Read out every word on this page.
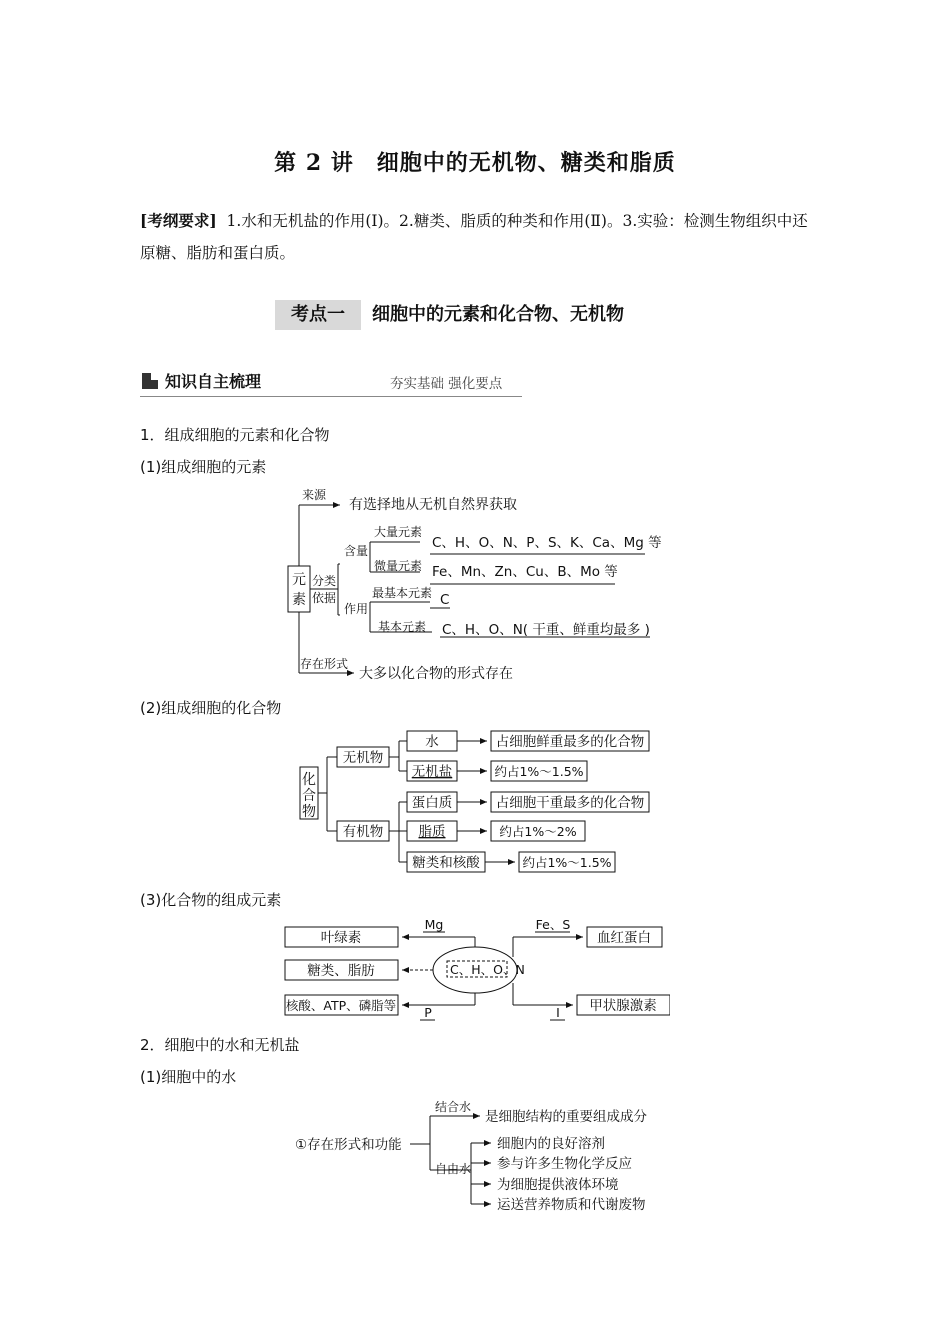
第 2 讲　细胞中的无机物、糖类和脂质
[考纲要求] 1.水和无机盐的作用(Ⅰ)。2.糖类、脂质的种类和作用(Ⅱ)。3.实验：检测生物组织中还原糖、脂肪和蛋白质。
考点一	细胞中的元素和化合物、无机物
知识自主梳理	夯实基础 强化要点
1．组成细胞的元素和化合物
(1)组成细胞的元素
元
素
来源
有选择地从无机自然界获取
分类
依据
含量
大量元素
C、H、O、N、P、S、K、Ca、Mg 等
微量元素 Fe、Mn、Zn、Cu、B、Mo 等
作用
最基本元素 C
基本元素 C、H、O、N( 干重、鲜重均最多 )
存在形式
大多以化合物的形式存在
(2)组成细胞的化合物
化
合
物
无机物
有机物
水
无机盐
蛋白质
脂质
糖类和核酸
占细胞鲜重最多的化合物
约占1%～1.5%
占细胞干重最多的化合物
约占1%～2%
约占1%～1.5%
(3)化合物的组成元素
叶绿素
糖类、脂肪
核酸、ATP、磷脂等
血红蛋白
甲状腺激素
Mg	Fe、S
P	I
C、H、O、N
2．细胞中的水和无机盐
(1)细胞中的水
①存在形式和功能
结合水
是细胞结构的重要组成成分
自由水
细胞内的良好溶剂
参与许多生物化学反应
为细胞提供液体环境
运送营养物质和代谢废物
